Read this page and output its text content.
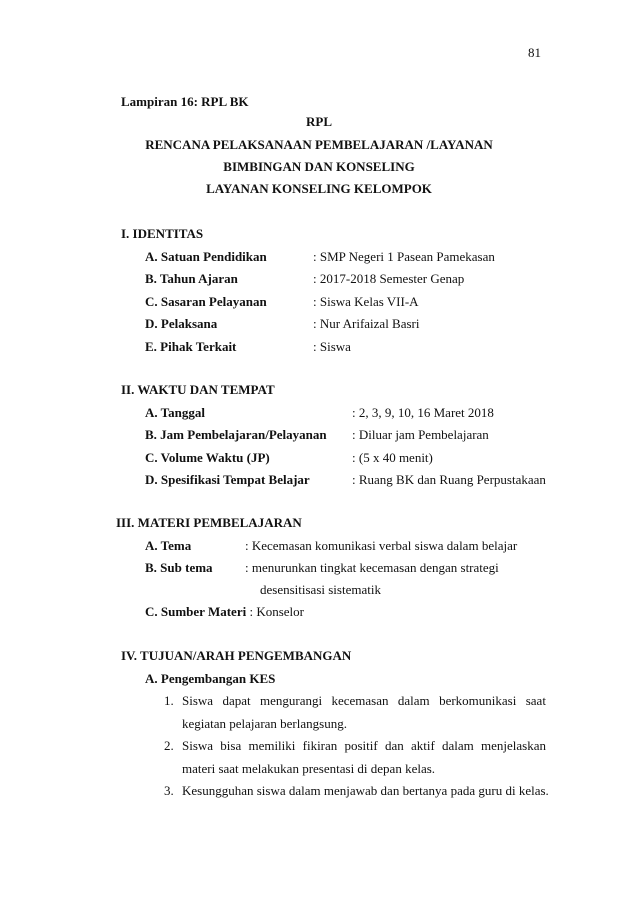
81
Lampiran 16: RPL BK
RPL
RENCANA PELAKSANAAN PEMBELAJARAN /LAYANAN
BIMBINGAN DAN KONSELING
LAYANAN KONSELING KELOMPOK
I. IDENTITAS
A. Satuan Pendidikan	: SMP Negeri 1 Pasean Pamekasan
B. Tahun Ajaran	: 2017-2018 Semester Genap
C. Sasaran Pelayanan	: Siswa Kelas VII-A
D. Pelaksana	: Nur Arifaizal Basri
E. Pihak Terkait	: Siswa
II. WAKTU DAN TEMPAT
A. Tanggal	: 2, 3, 9, 10, 16 Maret 2018
B. Jam Pembelajaran/Pelayanan : Diluar jam Pembelajaran
C. Volume Waktu (JP)	: (5 x 40 menit)
D. Spesifikasi Tempat Belajar	: Ruang BK dan Ruang Perpustakaan
III. MATERI PEMBELAJARAN
A. Tema	: Kecemasan komunikasi verbal siswa dalam belajar
B. Sub tema : menurunkan tingkat kecemasan dengan strategi
desensitisasi sistematik
C. Sumber Materi : Konselor
IV. TUJUAN/ARAH PENGEMBANGAN
A. Pengembangan KES
1. Siswa dapat mengurangi kecemasan dalam berkomunikasi saat
kegiatan pelajaran berlangsung.
2. Siswa bisa memiliki fikiran positif dan aktif dalam menjelaskan
materi saat melakukan presentasi di depan kelas.
3. Kesungguhan siswa dalam menjawab dan bertanya pada guru di kelas.
